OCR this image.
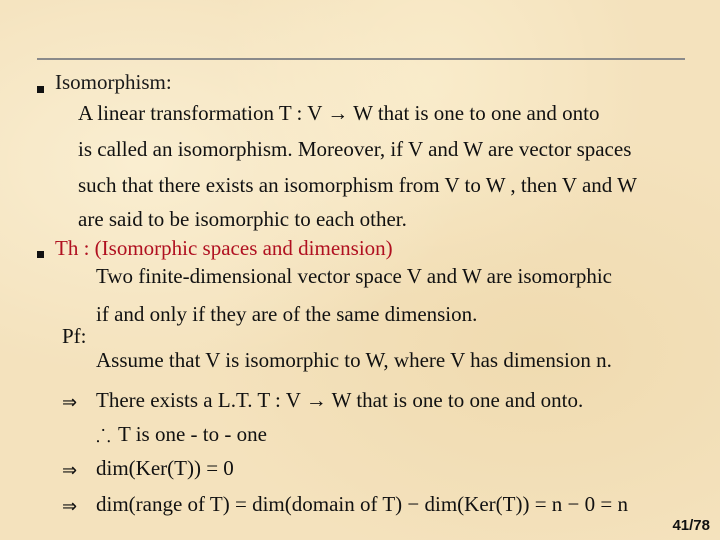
Isomorphism:
A linear transformation T : V → W that is one to one and onto
is called an isomorphism. Moreover, if V and W are vector spaces
such that there exists an isomorphism from V to W , then V and W
are said to be isomorphic to each other.
Th : (Isomorphic spaces and dimension)
Two finite-dimensional vector space V and W are isomorphic
if and only if they are of the same dimension.
Pf:
Assume that V is isomorphic to W, where V has dimension n.
⇒ There exists a L.T. T : V → W that is one to one and onto.
⸫ T is one - to - one
⇒ dim(Ker(T)) = 0
⇒ dim(range of T) = dim(domain of T) − dim(Ker(T)) = n − 0 = n
41/78
